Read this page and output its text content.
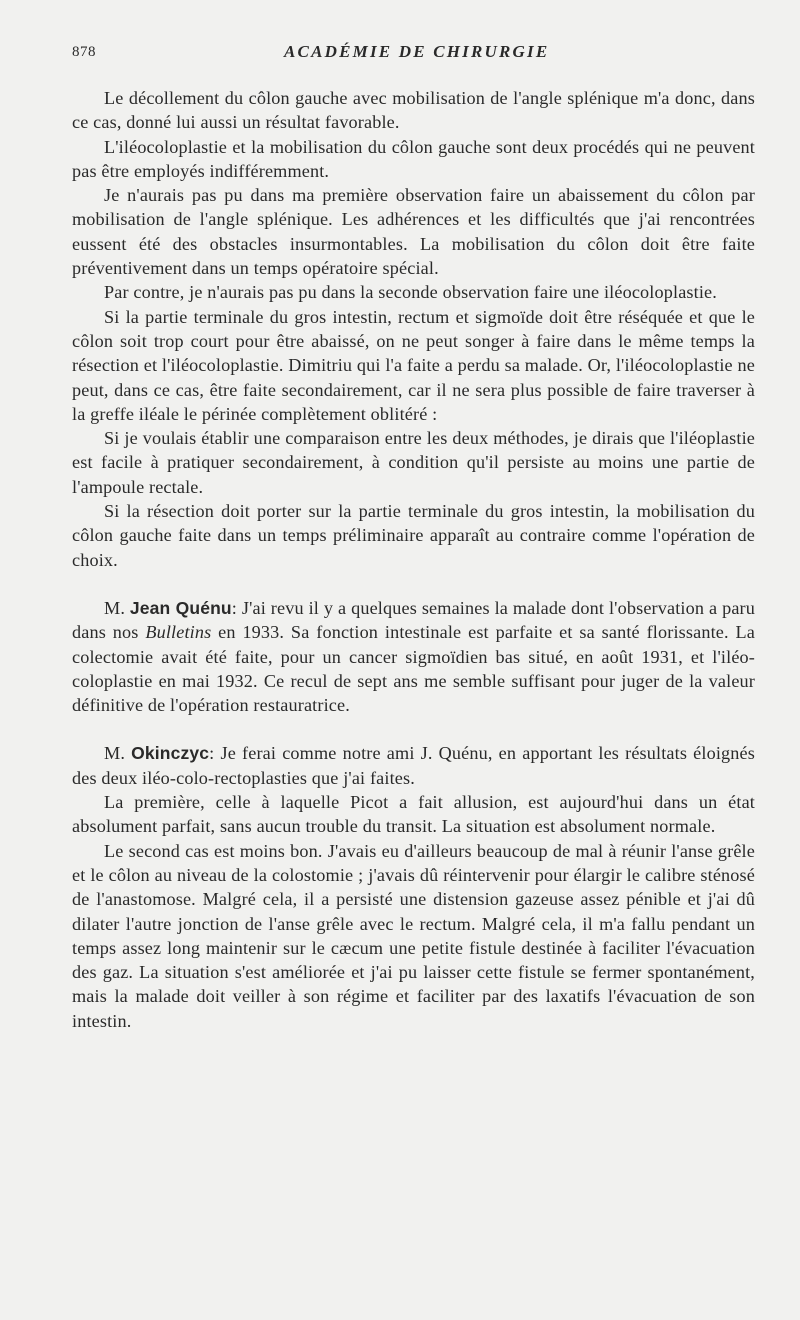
878	ACADÉMIE DE CHIRURGIE

Le décollement du côlon gauche avec mobilisation de l'angle splénique m'a donc, dans ce cas, donné lui aussi un résultat favorable.

L'iléocoloplastie et la mobilisation du côlon gauche sont deux procédés qui ne peuvent pas être employés indifféremment.

Je n'aurais pas pu dans ma première observation faire un abaissement du côlon par mobilisation de l'angle splénique. Les adhérences et les difficultés que j'ai rencontrées eussent été des obstacles insurmontables. La mobilisation du côlon doit être faite préventivement dans un temps opératoire spécial.

Par contre, je n'aurais pas pu dans la seconde observation faire une iléocoloplastie.

Si la partie terminale du gros intestin, rectum et sigmoïde doit être réséquée et que le côlon soit trop court pour être abaissé, on ne peut songer à faire dans le même temps la résection et l'iléocoloplastie. Dimitriu qui l'a faite a perdu sa malade. Or, l'iléocoloplastie ne peut, dans ce cas, être faite secondairement, car il ne sera plus possible de faire traverser à la greffe iléale le périnée complètement oblitéré :

Si je voulais établir une comparaison entre les deux méthodes, je dirais que l'iléoplastie est facile à pratiquer secondairement, à condition qu'il persiste au moins une partie de l'ampoule rectale.

Si la résection doit porter sur la partie terminale du gros intestin, la mobilisation du côlon gauche faite dans un temps préliminaire apparaît au contraire comme l'opération de choix.

M. Jean Quénu: J'ai revu il y a quelques semaines la malade dont l'observation a paru dans nos Bulletins en 1933. Sa fonction intestinale est parfaite et sa santé florissante. La colectomie avait été faite, pour un cancer sigmoïdien bas situé, en août 1931, et l'iléo-coloplastie en mai 1932. Ce recul de sept ans me semble suffisant pour juger de la valeur définitive de l'opération restauratrice.

M. Okinczyc: Je ferai comme notre ami J. Quénu, en apportant les résultats éloignés des deux iléo-colo-rectoplasties que j'ai faites.

La première, celle à laquelle Picot a fait allusion, est aujourd'hui dans un état absolument parfait, sans aucun trouble du transit. La situation est absolument normale.

Le second cas est moins bon. J'avais eu d'ailleurs beaucoup de mal à réunir l'anse grêle et le côlon au niveau de la colostomie ; j'avais dû réintervenir pour élargir le calibre sténosé de l'anastomose. Malgré cela, il a persisté une distension gazeuse assez pénible et j'ai dû dilater l'autre jonction de l'anse grêle avec le rectum. Malgré cela, il m'a fallu pendant un temps assez long maintenir sur le cæcum une petite fistule destinée à faciliter l'évacuation des gaz. La situation s'est améliorée et j'ai pu laisser cette fistule se fermer spontanément, mais la malade doit veiller à son régime et faciliter par des laxatifs l'évacuation de son intestin.
